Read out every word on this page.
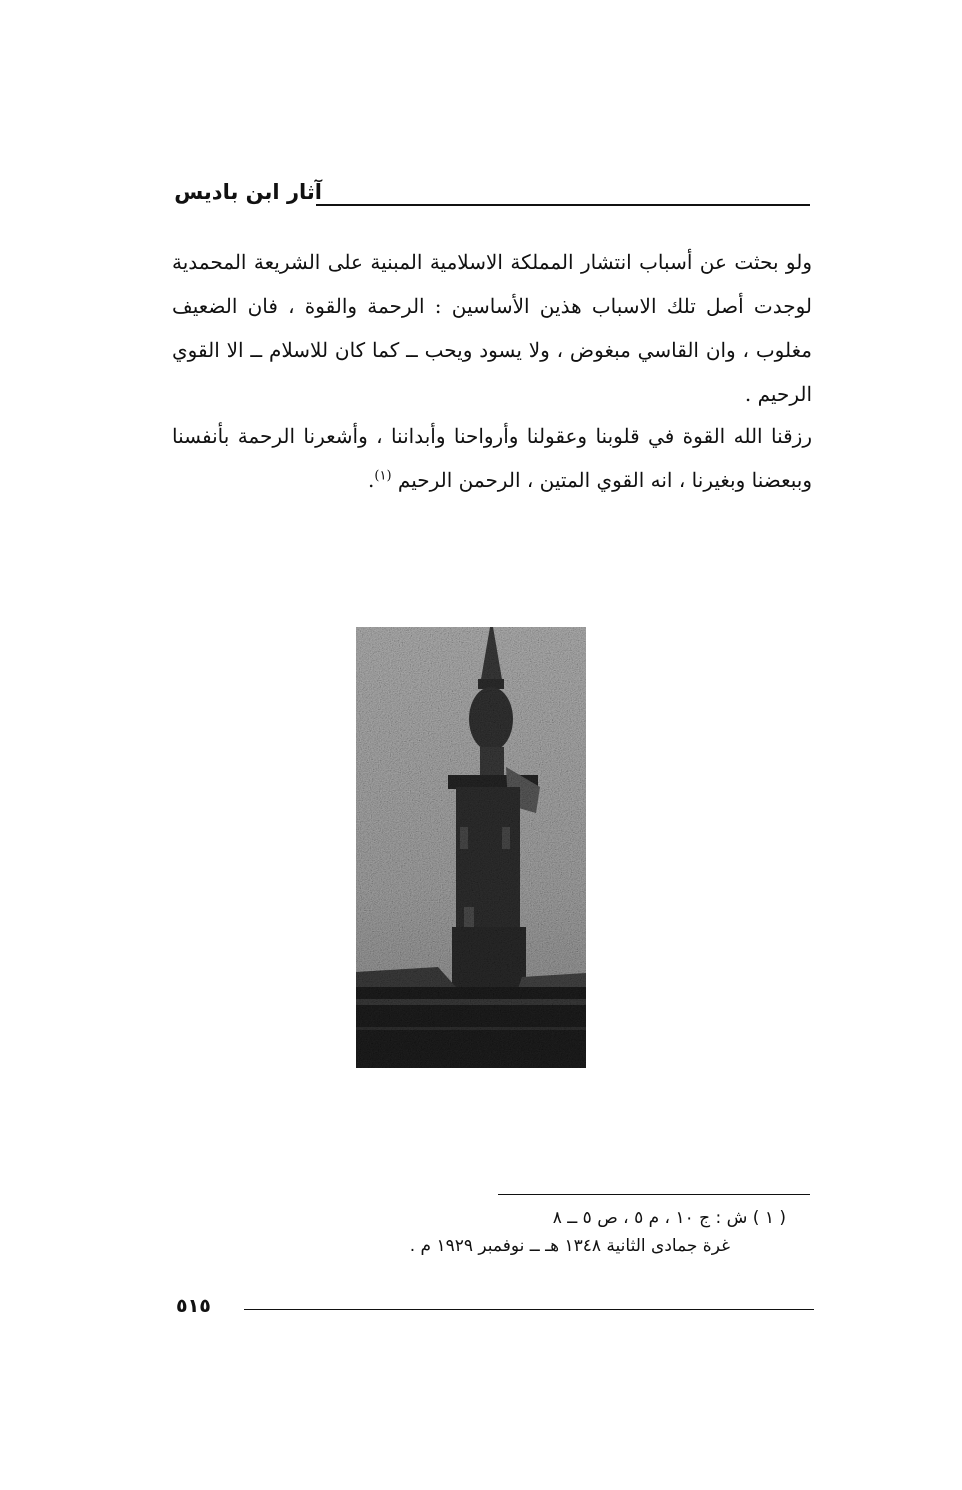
آثار ابن باديس

ولو بحثت عن أسباب انتشار المملكة الاسلامية المبنية على الشريعة المحمدية لوجدت أصل تلك الاسباب هذين الأساسين : الرحمة والقوة ، فان الضعيف مغلوب ، وان القاسي مبغوض ، ولا يسود ويحب ــ كما كان للاسلام ــ الا القوي الرحيم .

رزقنا الله القوة في قلوبنا وعقولنا وأرواحنا وأبداننا ، وأشعرنا الرحمة بأنفسنا وببعضنا وبغيرنا ، انه القوي المتين ، الرحمن الرحيم $^{(١)}$.

( ١ ) ش : ج ١٠ ، م ٥ ، ص ٥ ــ ٨
غرة جمادى الثانية ١٣٤٨ هـ ــ نوفمبر ١٩٢٩ م .
٥١٥
